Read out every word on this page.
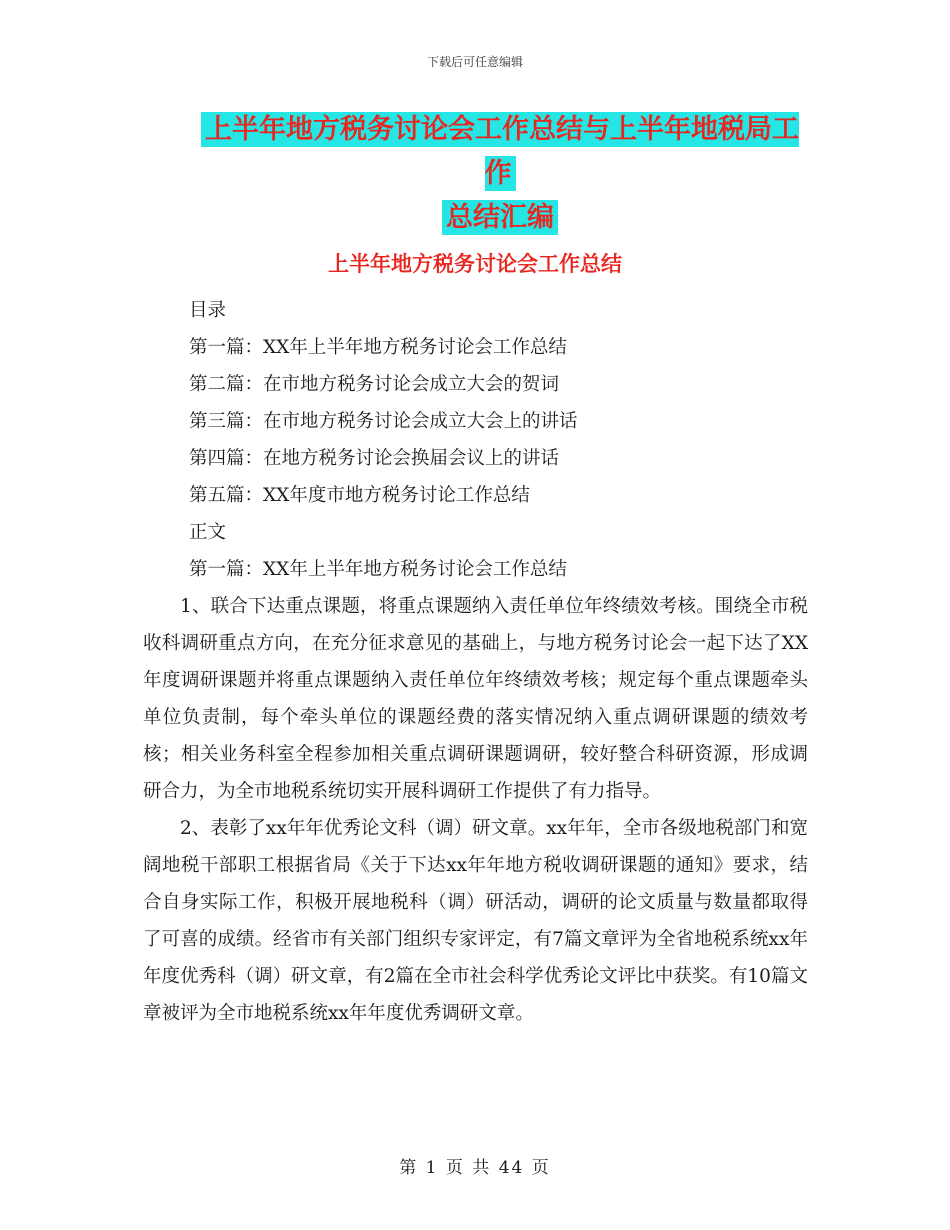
下载后可任意编辑
上半年地方税务讨论会工作总结与上半年地税局工作
总结汇编
上半年地方税务讨论会工作总结

目录

第一篇：XX年上半年地方税务讨论会工作总结

第二篇：在市地方税务讨论会成立大会的贺词

第三篇：在市地方税务讨论会成立大会上的讲话

第四篇：在地方税务讨论会换届会议上的讲话

第五篇：XX年度市地方税务讨论工作总结

正文

第一篇：XX年上半年地方税务讨论会工作总结

1、联合下达重点课题，将重点课题纳入责任单位年终绩效考核。围绕全市税收科调研重点方向，在充分征求意见的基础上，与地方税务讨论会一起下达了XX年度调研课题并将重点课题纳入责任单位年终绩效考核；规定每个重点课题牵头单位负责制，每个牵头单位的课题经费的落实情况纳入重点调研课题的绩效考核；相关业务科室全程参加相关重点调研课题调研，较好整合科研资源，形成调研合力，为全市地税系统切实开展科调研工作提供了有力指导。

2、表彰了xx年年优秀论文科（调）研文章。xx年年，全市各级地税部门和宽阔地税干部职工根据省局《关于下达xx年年地方税收调研课题的通知》要求，结合自身实际工作，积极开展地税科（调）研活动，调研的论文质量与数量都取得了可喜的成绩。经省市有关部门组织专家评定，有7篇文章评为全省地税系统xx年年度优秀科（调）研文章，有2篇在全市社会科学优秀论文评比中获奖。有10篇文章被评为全市地税系统xx年年度优秀调研文章。

第 1 页 共 44 页
